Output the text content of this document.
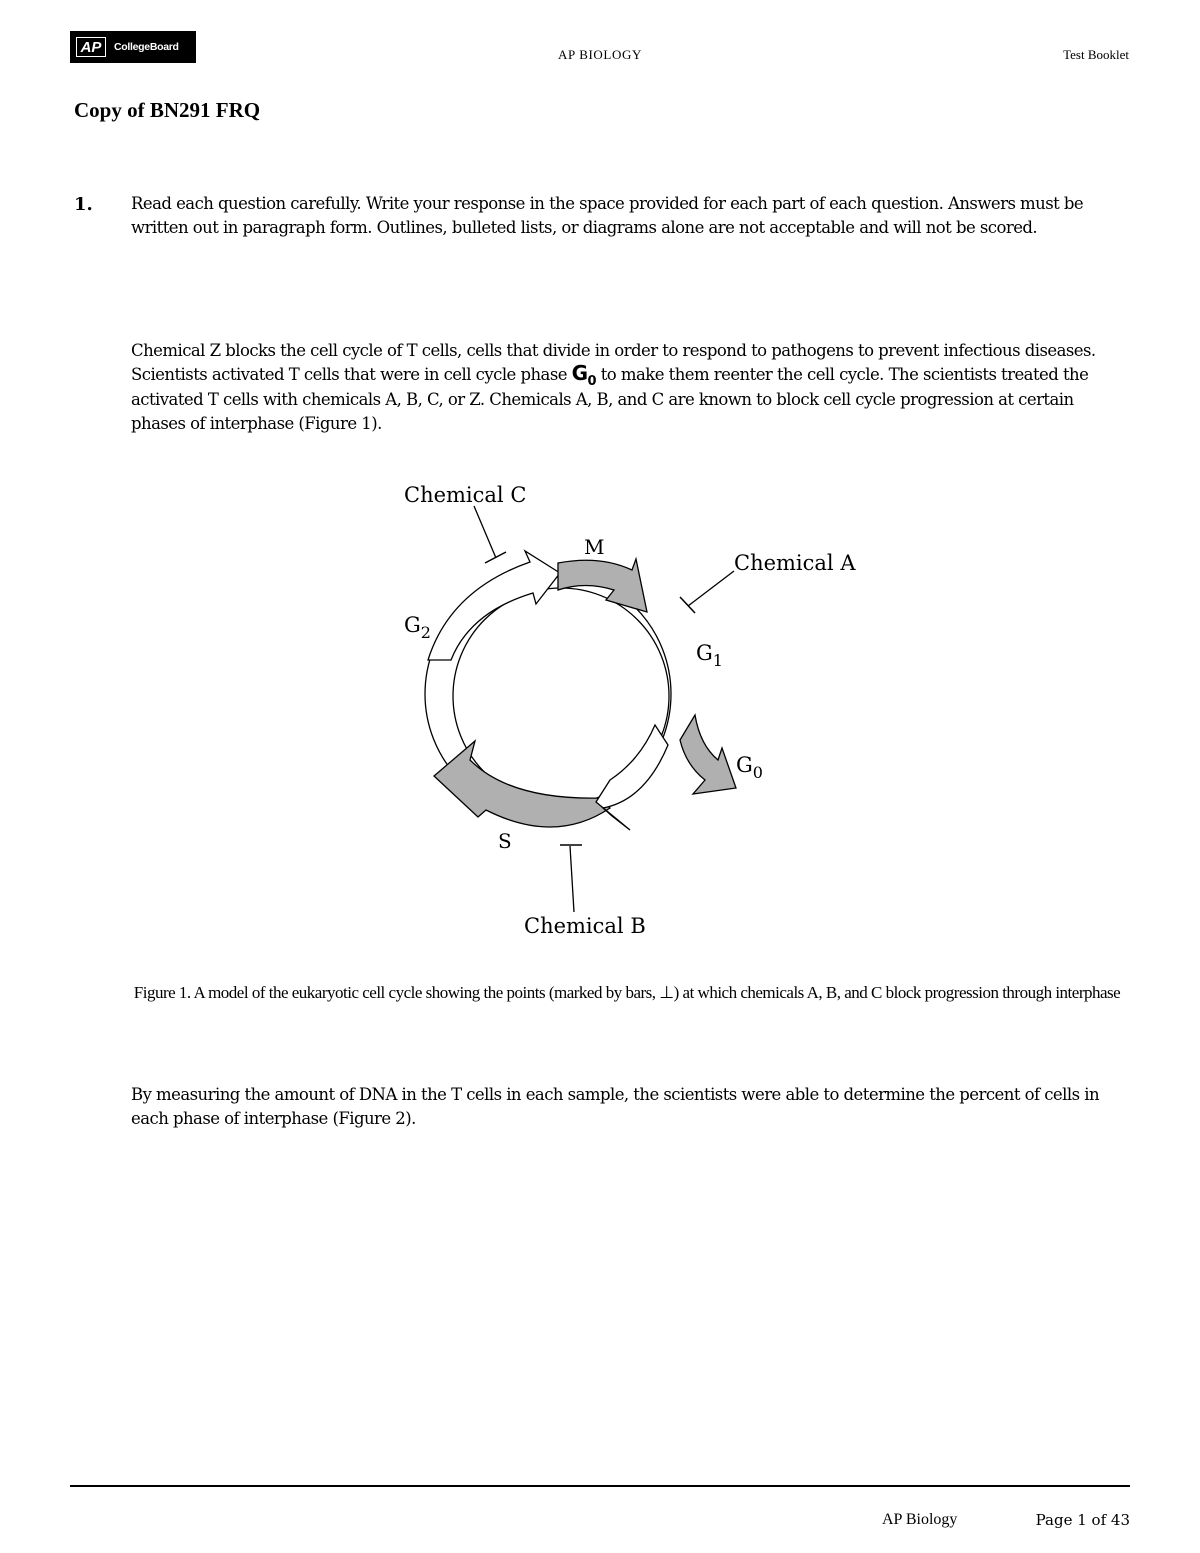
AP	CollegeBoard	AP BIOLOGY	Test Booklet
Copy of BN291 FRQ
1. Read each question carefully. Write your response in the space provided for each part of each question. Answers must be written out in paragraph form. Outlines, bulleted lists, or diagrams alone are not acceptable and will not be scored.

Chemical Z blocks the cell cycle of T cells, cells that divide in order to respond to pathogens to prevent infectious diseases. Scientists activated T cells that were in cell cycle phase $G_0$ to make them reenter the cell cycle. The scientists treated the activated T cells with chemicals A, B, C, or Z. Chemicals A, B, and C are known to block cell cycle progression at certain phases of interphase (Figure 1).

Chemical C
Chemical A
Chemical B
M
S
$G_2$
$G_1$
$G_0$

Figure 1. A model of the eukaryotic cell cycle showing the points (marked by bars, ⊥) at which chemicals A, B, and C block progression through interphase

By measuring the amount of DNA in the T cells in each sample, the scientists were able to determine the percent of cells in each phase of interphase (Figure 2).

AP Biology	Page 1 of 43
